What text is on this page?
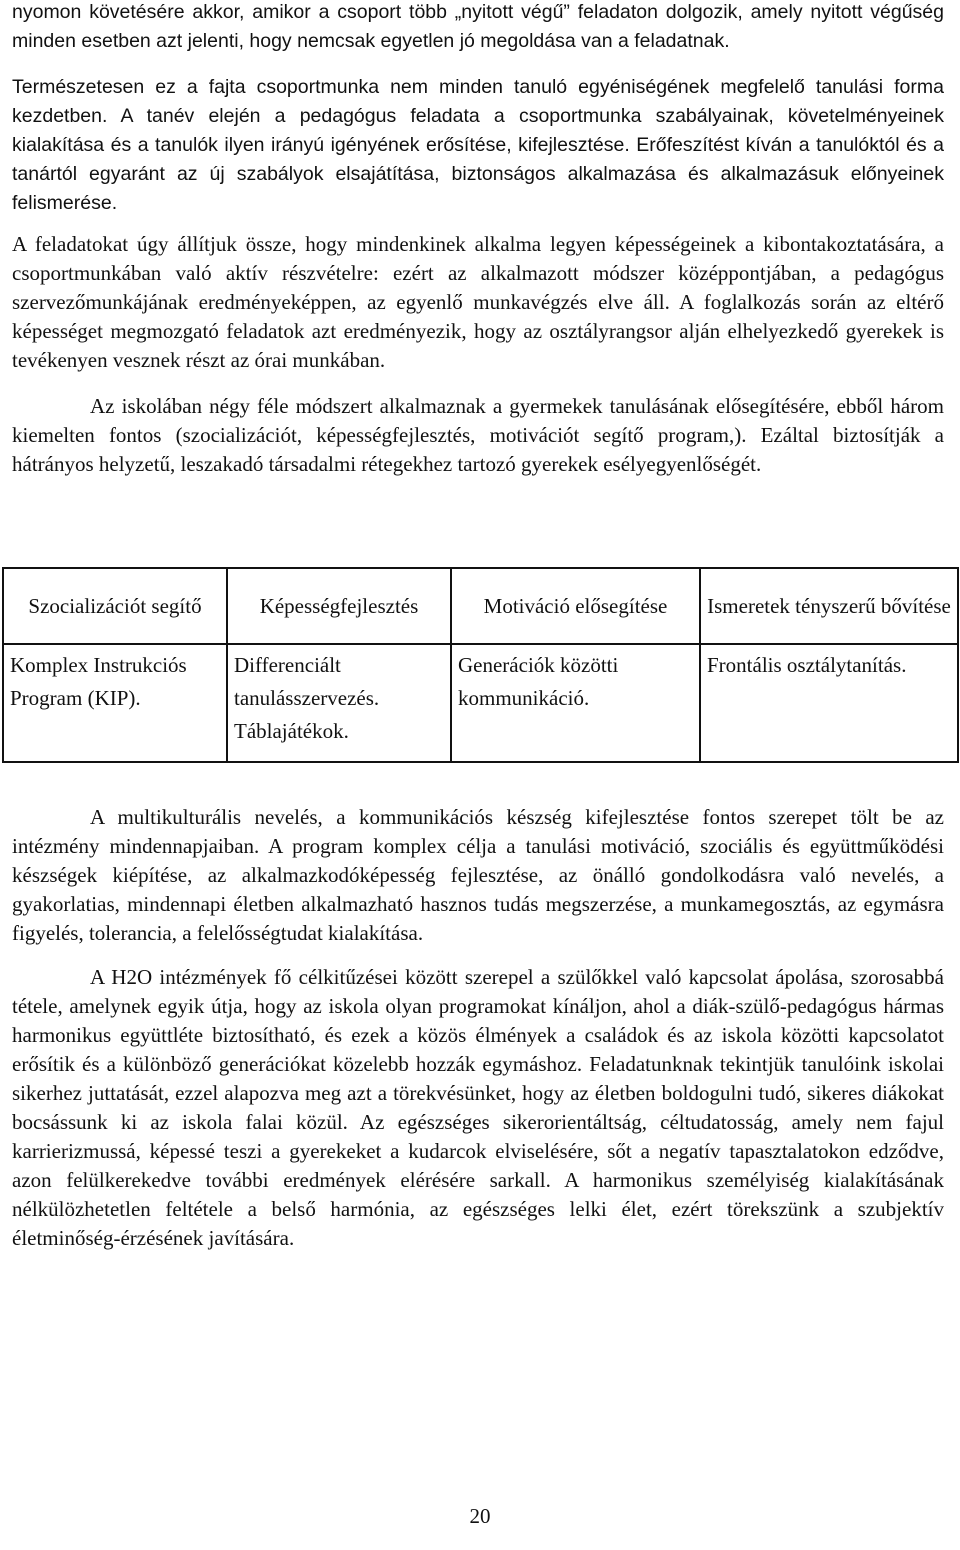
nyomon követésére akkor, amikor a csoport több „nyitott végű” feladaton dolgozik, amely nyitott végűség minden esetben azt jelenti, hogy nemcsak egyetlen jó megoldása van a feladatnak.

Természetesen ez a fajta csoportmunka nem minden tanuló egyéniségének megfelelő tanulási forma kezdetben. A tanév elején a pedagógus feladata a csoportmunka szabályainak, követelményeinek kialakítása és a tanulók ilyen irányú igényének erősítése, kifejlesztése. Erőfeszítést kíván a tanulóktól és a tanártól egyaránt az új szabályok elsajátítása, biztonságos alkalmazása és alkalmazásuk előnyeinek felismerése.

A feladatokat úgy állítjuk össze, hogy mindenkinek alkalma legyen képességeinek a kibontakoztatására, a csoportmunkában való aktív részvételre: ezért az alkalmazott módszer középpontjában, a pedagógus szervezőmunkájának eredményeképpen, az egyenlő munkavégzés elve áll. A foglalkozás során az eltérő képességet megmozgató feladatok azt eredményezik, hogy az osztályrangsor alján elhelyezkedő gyerekek is tevékenyen vesznek részt az órai munkában.

Az iskolában négy féle módszert alkalmaznak a gyermekek tanulásának elősegítésére, ebből három kiemelten fontos (szocializációt, képességfejlesztés, motivációt segítő program,). Ezáltal biztosítják a hátrányos helyzetű, leszakadó társadalmi rétegekhez tartozó gyerekek esélyegyenlőségét.

Szocializációt segítő	Képességfejlesztés	Motiváció elősegítése	Ismeretek tényszerű bővítése
Komplex Instrukciós Program (KIP).	Differenciált tanulásszervezés. Táblajátékok.	Generációk közötti kommunikáció.	Frontális osztálytanítás.

A multikulturális nevelés, a kommunikációs készség kifejlesztése fontos szerepet tölt be az intézmény mindennapjaiban. A program komplex célja a tanulási motiváció, szociális és együttműködési készségek kiépítése, az alkalmazkodóképesség fejlesztése, az önálló gondolkodásra való nevelés, a gyakorlatias, mindennapi életben alkalmazható hasznos tudás megszerzése, a munkamegosztás, az egymásra figyelés, tolerancia, a felelősségtudat kialakítása.

A H2O intézmények fő célkitűzései között szerepel a szülőkkel való kapcsolat ápolása, szorosabbá tétele, amelynek egyik útja, hogy az iskola olyan programokat kínáljon, ahol a diák-szülő-pedagógus hármas harmonikus együttléte biztosítható, és ezek a közös élmények a családok és az iskola közötti kapcsolatot erősítik és a különböző generációkat közelebb hozzák egymáshoz. Feladatunknak tekintjük tanulóink iskolai sikerhez juttatását, ezzel alapozva meg azt a törekvésünket, hogy az életben boldogulni tudó, sikeres diákokat bocsássunk ki az iskola falai közül. Az egészséges sikerorientáltság, céltudatosság, amely nem fajul karrierizmussá, képessé teszi a gyerekeket a kudarcok elviselésére, sőt a negatív tapasztalatokon edződve, azon felülkerekedve további eredmények elérésére sarkall. A harmonikus személyiség kialakításának nélkülözhetetlen feltétele a belső harmónia, az egészséges lelki élet, ezért törekszünk a szubjektív életminőség-érzésének javítására.

20
